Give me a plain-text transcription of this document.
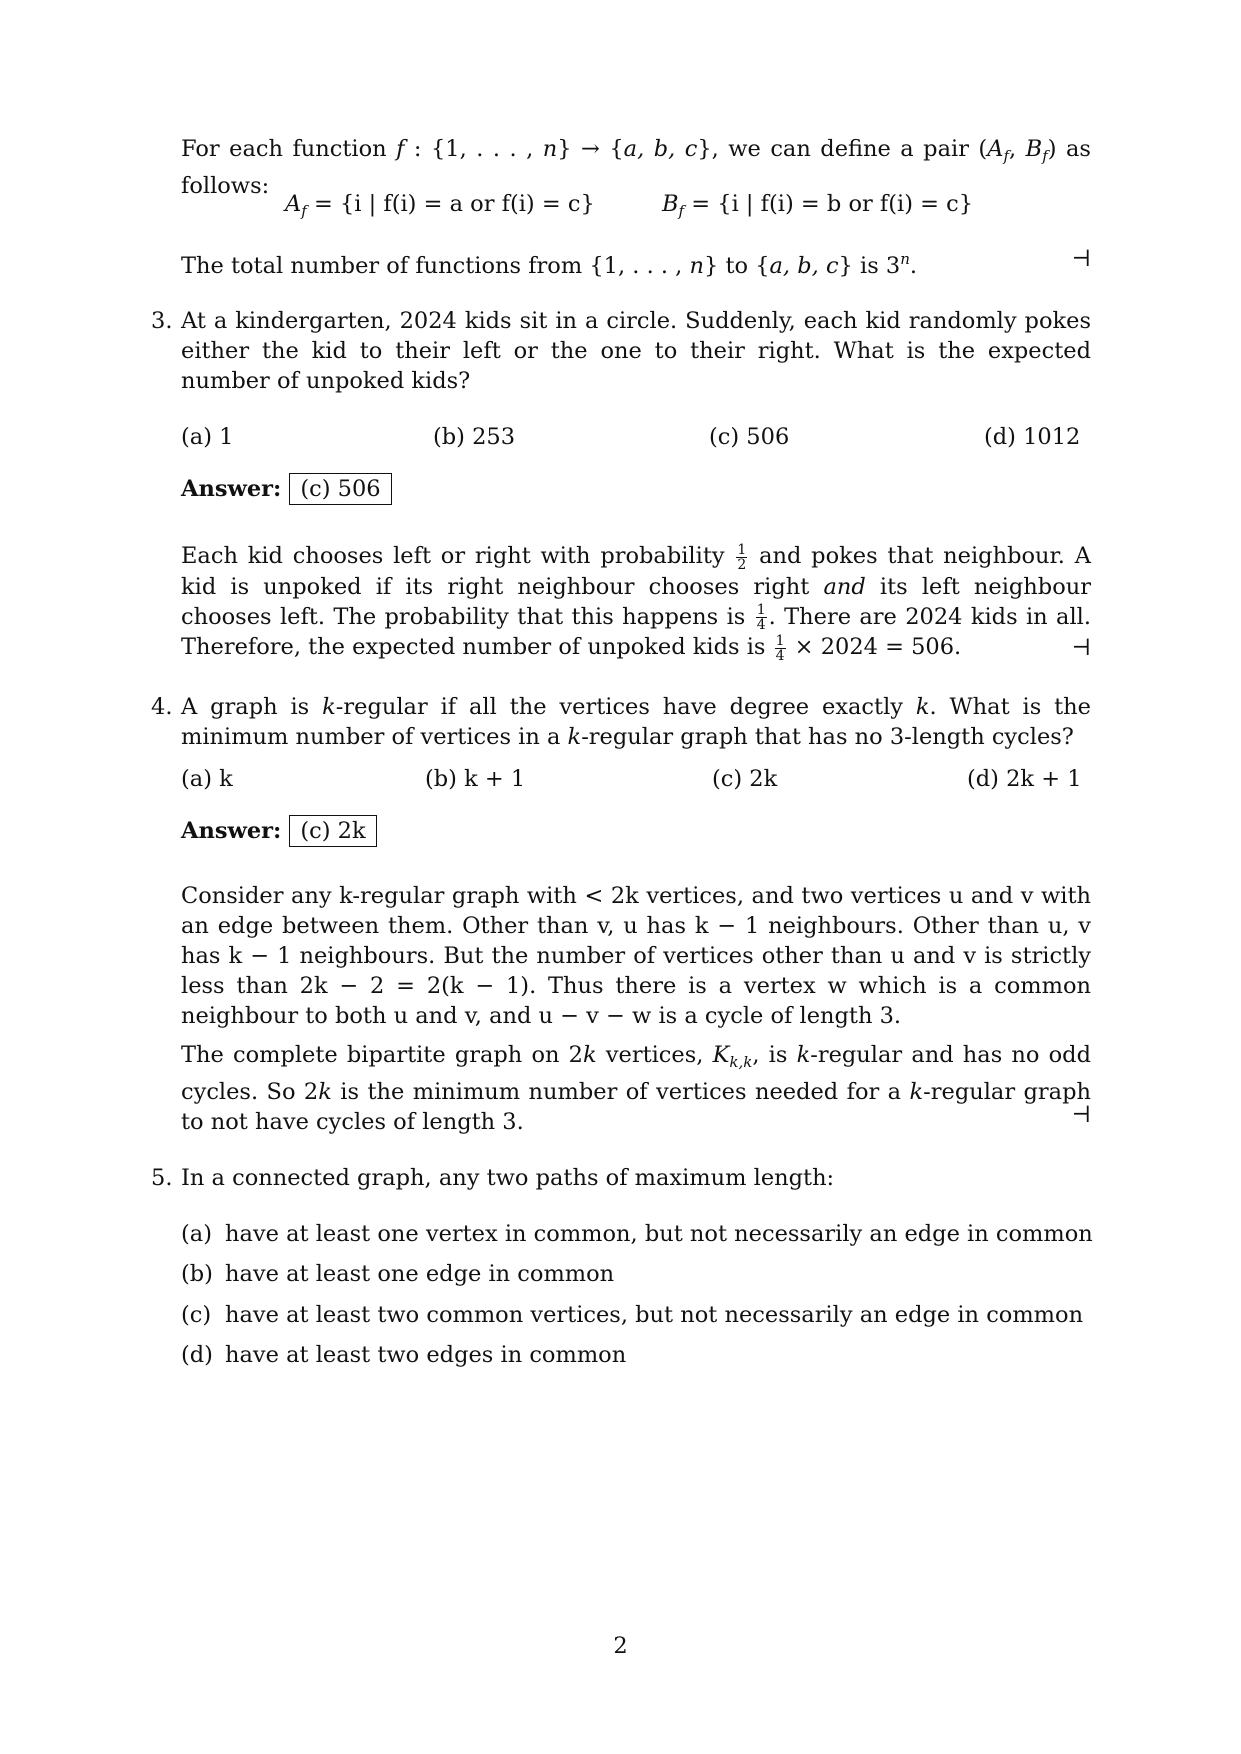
For each function f : {1, . . . , n} → {a, b, c}, we can define a pair ($A_f$, $B_f$) as follows:
$A_f = \{i$ | f(i) = a or f(i) = c}	$B_f = \{i$ | f(i) = b or f(i) = c}
The total number of functions from {1, . . . , n} to {a, b, c} is 3$^n$.	⊣
3. At a kindergarten, 2024 kids sit in a circle. Suddenly, each kid randomly pokes either the kid to their left or the one to their right. What is the expected number of unpoked kids?
(a) 1	(b) 253	(c) 506	(d) 1012
Answer: (c) 506
Each kid chooses left or right with probability $\frac{1}{2}$ and pokes that neighbour. A kid is unpoked if its right neighbour chooses right and its left neighbour chooses left. The probability that this happens is $\frac{1}{4}$ . There are 2024 kids in all. Therefore, the expected number of unpoked kids is $\frac{1}{4} \times 2024 = 506$.	⊣
4. A graph is k-regular if all the vertices have degree exactly k. What is the minimum number of vertices in a k-regular graph that has no 3-length cycles?
(a) k	(b) k + 1	(c) 2k	(d) 2k + 1
Answer: (c) 2k
Consider any k-regular graph with < 2k vertices, and two vertices u and v with an edge between them. Other than v, u has k − 1 neighbours. Other than u, v has k − 1 neighbours. But the number of vertices other than u and v is strictly less than 2k − 2 = 2(k − 1). Thus there is a vertex w which is a common neighbour to both u and v, and u − v − w is a cycle of length 3.
The complete bipartite graph on 2k vertices, $K_{k,k}$, is k-regular and has no odd cycles. So 2k is the minimum number of vertices needed for a k-regular graph to not have cycles of length 3.	⊣
5. In a connected graph, any two paths of maximum length:
(a) have at least one vertex in common, but not necessarily an edge in common
(b) have at least one edge in common
(c) have at least two common vertices, but not necessarily an edge in common
(d) have at least two edges in common
2
